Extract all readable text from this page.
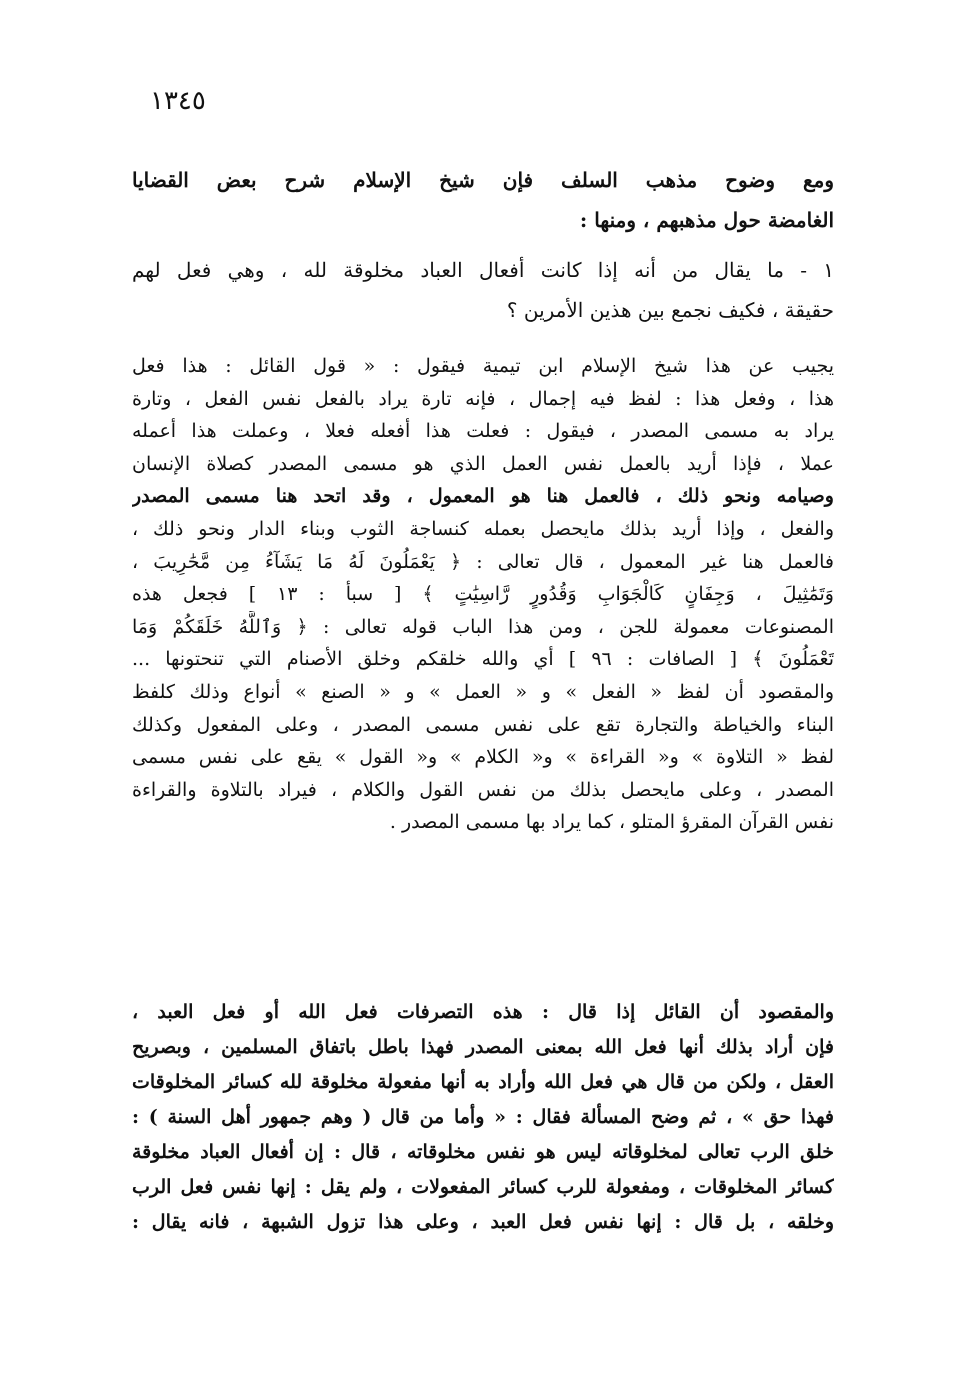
١٣٤٥
ومع وضوح مذهب السلف فإن شيخ الإسلام شرح بعض القضايا
الغامضة حول مذهبهم ، ومنها :
١ - ما يقال من أنه إذا كانت أفعال العباد مخلوقة لله ، وهي فعل لهم
حقيقة ، فكيف نجمع بين هذين الأمرين ؟
يجيب عن هذا شيخ الإسلام ابن تيمية فيقول : « قول القائل : هذا فعل
هذا ، وفعل هذا : لفظ فيه إجمال ، فإنه تارة يراد بالفعل نفس الفعل ، وتارة
يراد به مسمى المصدر ، فيقول : فعلت هذا أفعله فعلا ، وعملت هذا أعمله
عملا ، فإذا أريد بالعمل نفس العمل الذي هو مسمى المصدر كصلاة الإنسان
وصيامه ونحو ذلك ، فالعمل هنا هو المعمول ، وقد اتحد هنا مسمى المصدر
والفعل ، وإذا أريد بذلك مايحصل بعمله كنساجة الثوب وبناء الدار ونحو ذلك ،
فالعمل هنا غير المعمول ، قال تعالى : ﴿ يَعْمَلُونَ لَهُ مَا يَشَآءُ مِن مَّحَٰرِيبَ ،
وَتَمَٰثِيلَ ، وَجِفَانٍ كَالْجَوَابِ وَقُدُورٍ رَّاسِيَٰتٍ ﴾ [ سبأ : ١٣ ] فجعل هذه
المصنوعات معمولة للجن ، ومن هذا الباب قوله تعالى : ﴿ وَٱللَّهُ خَلَقَكُمْ وَمَا
تَعْمَلُونَ ﴾ [ الصافات : ٩٦ ] أي والله خلقكم وخلق الأصنام التي تنحتونها ...
والمقصود أن لفظ « الفعل » و « العمل » و « الصنع » أنواع وذلك كلفظ
البناء والخياطة والتجارة تقع على نفس مسمى المصدر ، وعلى المفعول وكذلك
لفظ « التلاوة » و« القراءة » و« الكلام » و« القول » يقع على نفس مسمى
المصدر ، وعلى مايحصل بذلك من نفس القول والكلام ، فيراد بالتلاوة والقراءة
نفس القرآن المقرؤ المتلو ، كما يراد بها مسمى المصدر .
والمقصود أن القائل إذا قال : هذه التصرفات فعل الله أو فعل العبد ،
فإن أراد بذلك أنها فعل الله بمعنى المصدر فهذا باطل باتفاق المسلمين ، وبصريح
العقل ، ولكن من قال هي فعل الله وأراد به أنها مفعولة مخلوقة لله كسائر المخلوقات
فهذا حق » ، ثم وضح المسألة فقال : « وأما من قال ( وهم جمهور أهل السنة ) :
خلق الرب تعالى لمخلوقاته ليس هو نفس مخلوقاته ، قال : إن أفعال العباد مخلوقة
كسائر المخلوقات ، ومفعولة للرب كسائر المفعولات ، ولم يقل : إنها نفس فعل الرب
وخلقه ، بل قال : إنها نفس فعل العبد ، وعلى هذا تزول الشبهة ، فانه يقال :
